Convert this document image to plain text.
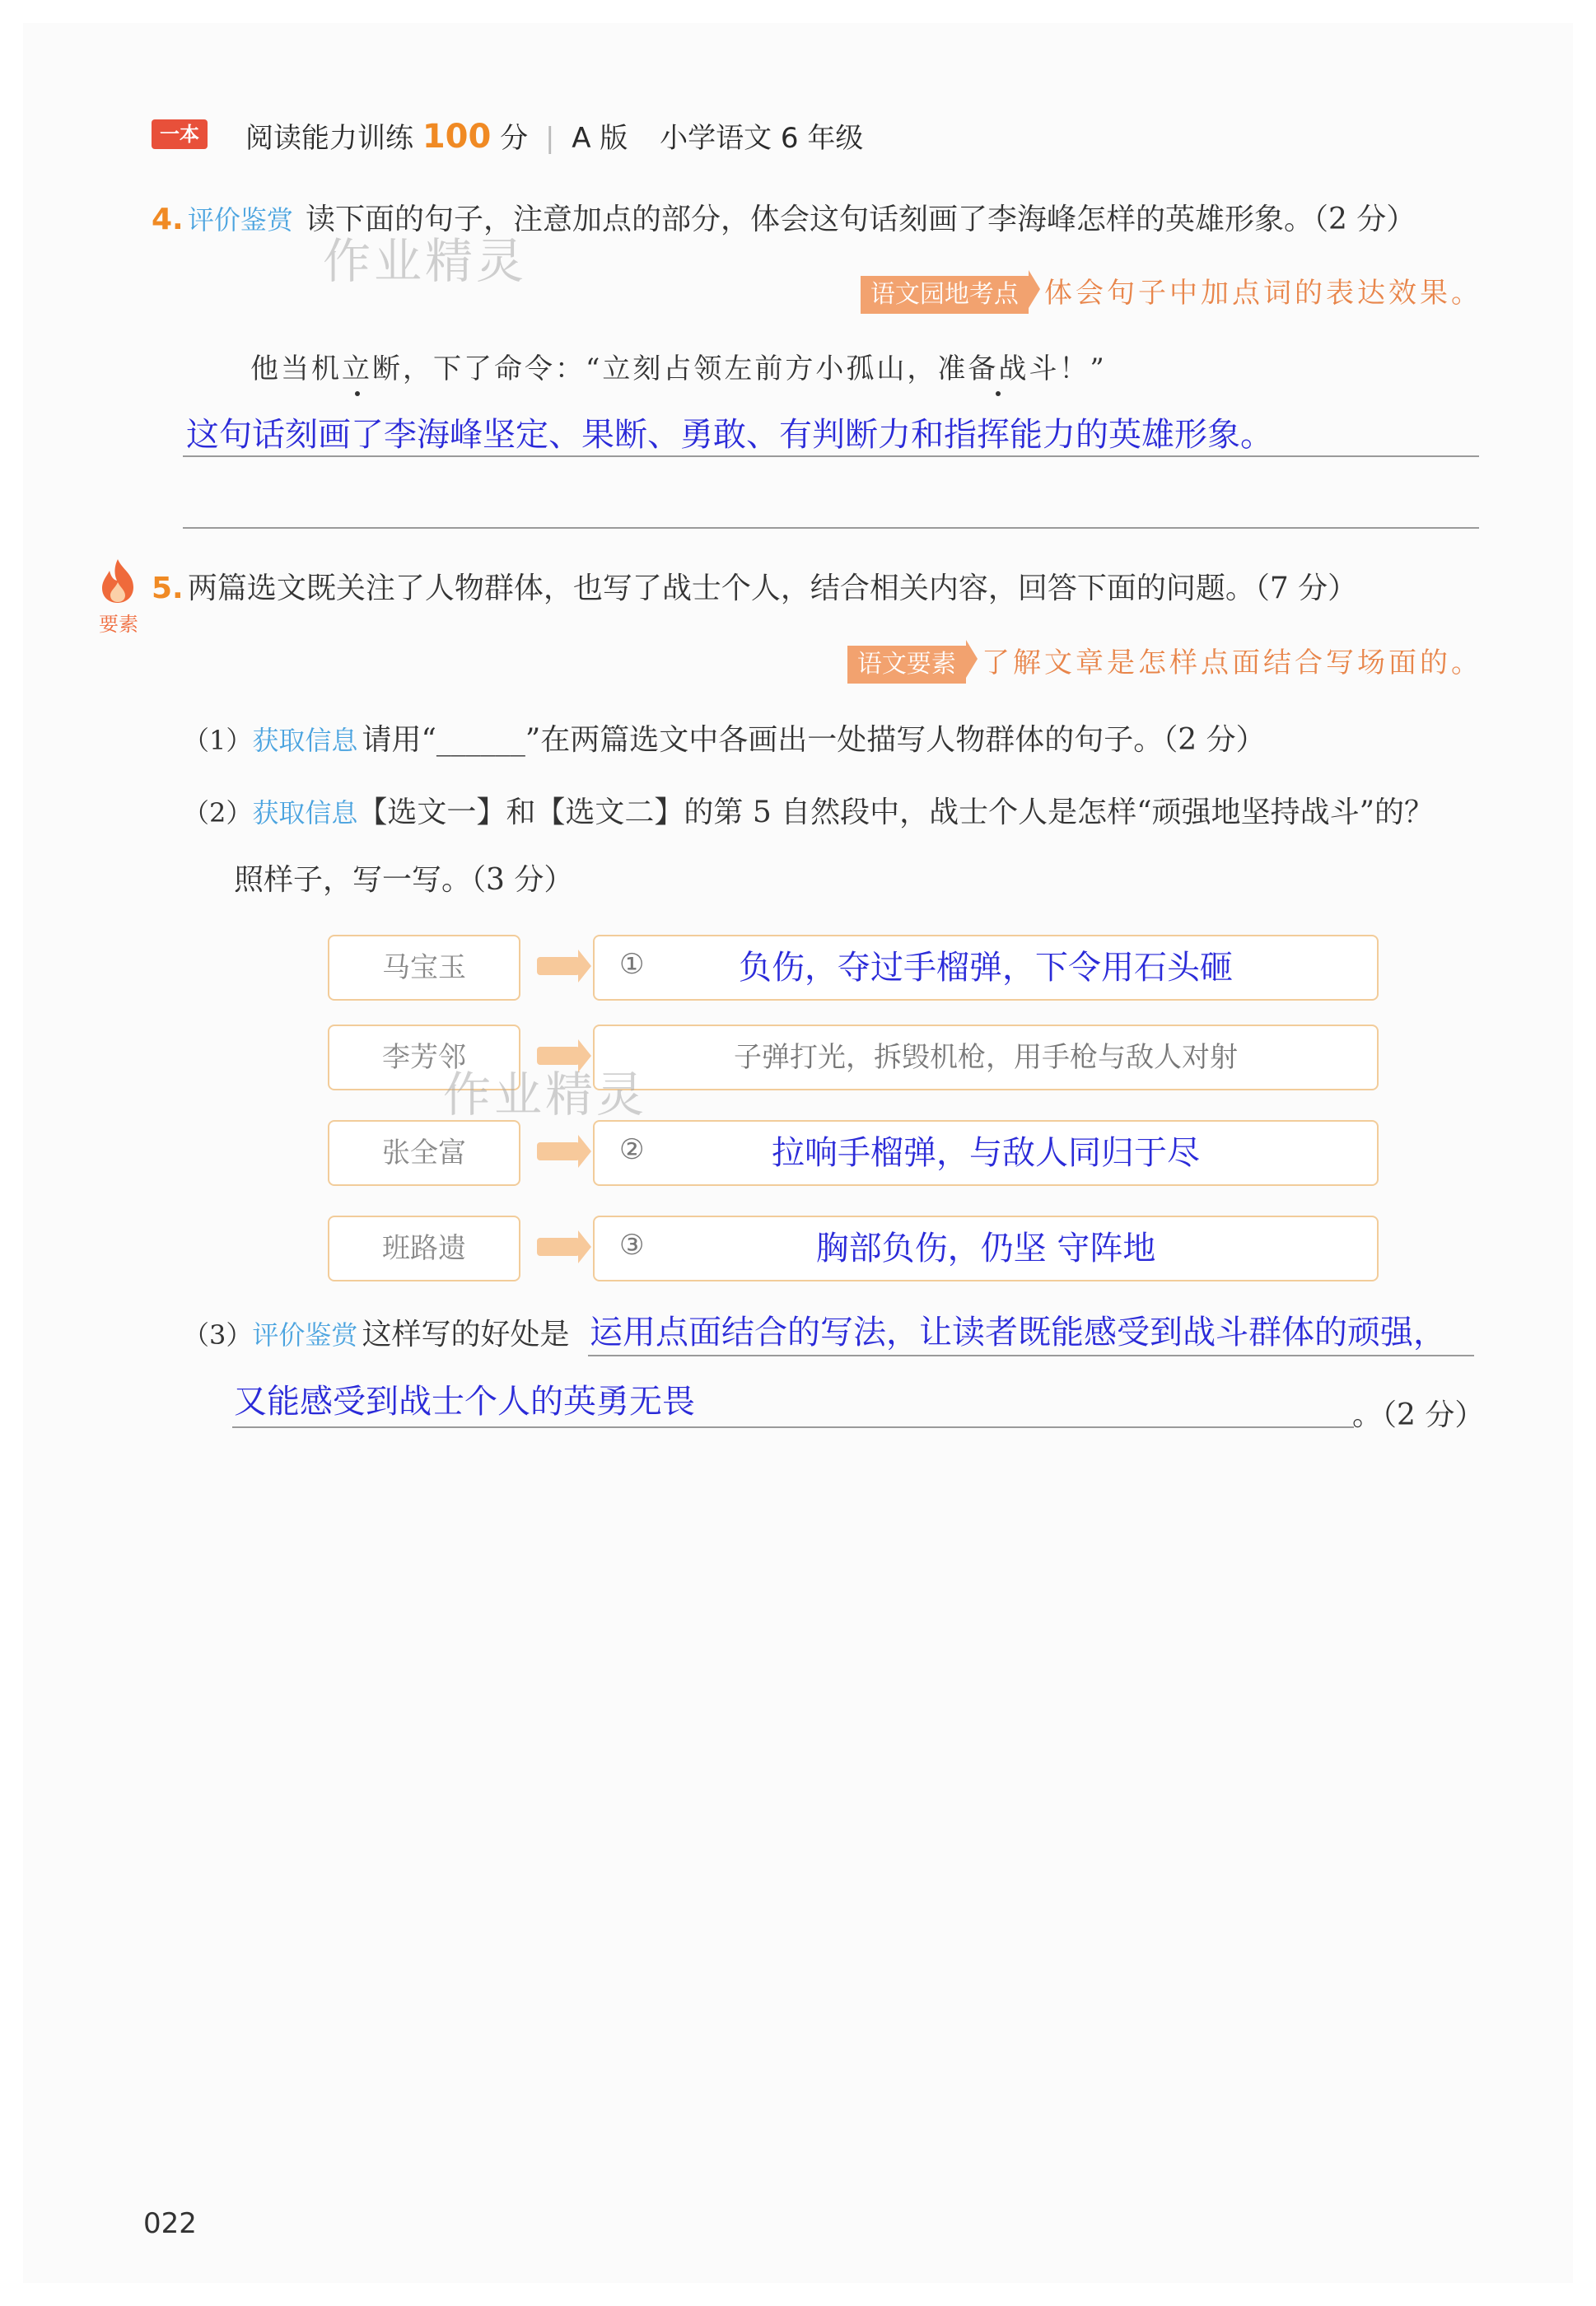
一本 阅读能力训练 100 分 | A 版 小学语文 6 年级
4. 评价鉴赏 读下面的句子，注意加点的部分，体会这句话刻画了李海峰怎样的英雄形象。（2 分）
语文园地考点 体会句子中加点词的表达效果。
他当机立断，下了命令：“立刻占领左前方小孤山，准备战斗！”
这句话刻画了李海峰坚定、果断、勇敢、有判断力和指挥能力的英雄形象。
要素
5. 两篇选文既关注了人物群体，也写了战士个人，结合相关内容，回答下面的问题。（7 分）
语文要素 了解文章是怎样点面结合写场面的。
（1）获取信息 请用“______”在两篇选文中各画出一处描写人物群体的句子。（2 分）
（2）获取信息【选文一】和【选文二】的第 5 自然段中，战士个人是怎样“顽强地坚持战斗”的？
照样子，写一写。（3 分）
马宝玉	①	负伤，夺过手榴弹，下令用石头砸
李芳邻	子弹打光，拆毁机枪，用手枪与敌人对射
张全富	②	拉响手榴弹，与敌人同归于尽
班路遗	③	胸部负伤，仍坚 守阵地
（3）评价鉴赏 这样写的好处是 运用点面结合的写法，让读者既能感受到战斗群体的顽强，
又能感受到战士个人的英勇无畏	。（2 分）
作业精灵
作业精灵
022
